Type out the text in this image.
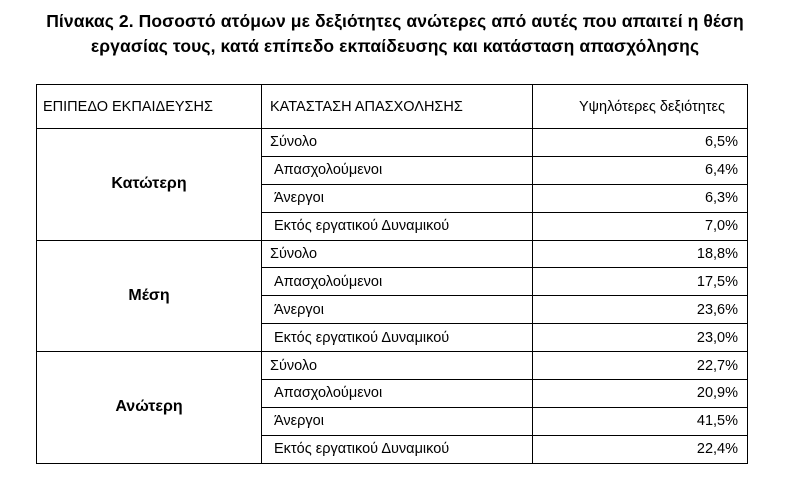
Πίνακας 2. Ποσοστό ατόμων με δεξιότητες ανώτερες από αυτές που απαιτεί η θέση
εργασίας τους, κατά επίπεδο εκπαίδευσης και κατάσταση απασχόλησης
ΕΠΙΠΕΔΟ ΕΚΠΑΙΔΕΥΣΗΣ	ΚΑΤΑΣΤΑΣΗ ΑΠΑΣΧΟΛΗΣΗΣ	Υψηλότερες δεξιότητες
Κατώτερη	Σύνολο	6,5%
	Απασχολούμενοι	6,4%
	Άνεργοι	6,3%
	Εκτός εργατικού Δυναμικού	7,0%
Μέση	Σύνολο	18,8%
	Απασχολούμενοι	17,5%
	Άνεργοι	23,6%
	Εκτός εργατικού Δυναμικού	23,0%
Ανώτερη	Σύνολο	22,7%
	Απασχολούμενοι	20,9%
	Άνεργοι	41,5%
	Εκτός εργατικού Δυναμικού	22,4%
